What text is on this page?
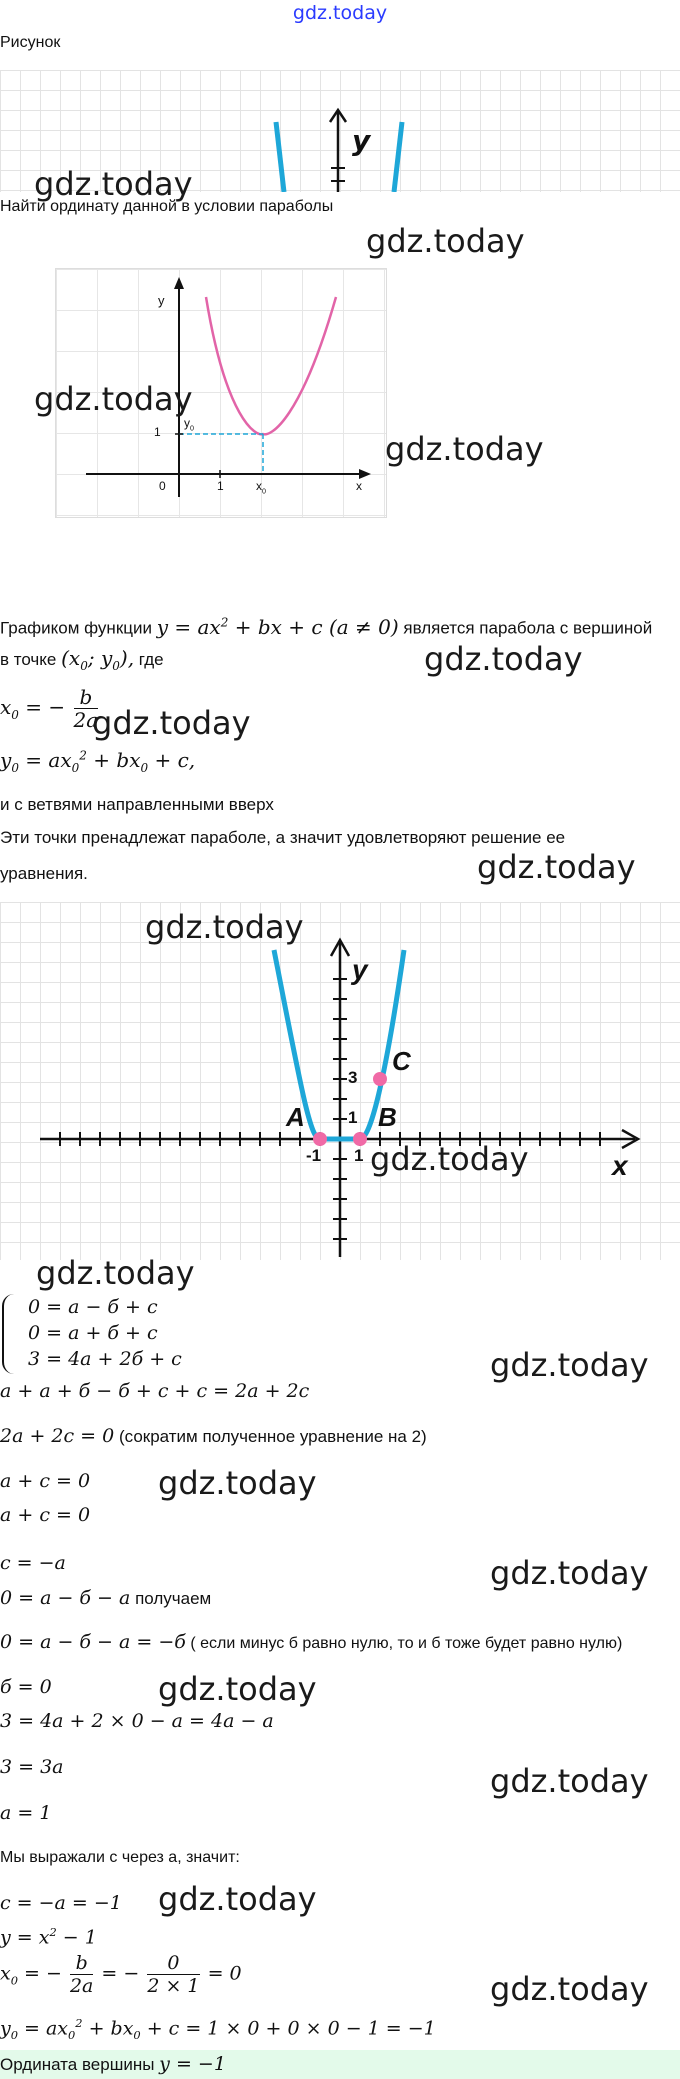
gdz.today
Рисунок
y
gdz.today
Найти ординату данной в условии параболы
gdz.today
y
1
$y_0$
0	1	$x_0$	x
gdz.today
gdz.today
Графиком функции $y = ax^2$ + bx + c (a ≠ 0) является парабола с вершиной
в точке ($x_0$; $y_0$), где	gdz.today
$x_0$ = − $\frac{b}{2a}$
gdz.today
$y_0 = ax_0^2 + bx_0 + c$,
и с ветвями направленными вверх
Эти точки пренадлежат параболе, а значит удовлетворяют решение ее
уравнения.	gdz.today
y
x
A	B
C
3
1
-1 1
gdz.today
gdz.today
gdz.today
0 = a − б + c
0 = a + б + c
3 = 4a + 2б + c	gdz.today
a + a + б − б + c + c = 2a + 2c
2a + 2c = 0 (сократим полученное уравнение на 2)
a + c = 0 gdz.today
a + c = 0
c = −a	gdz.today
0 = a − б − a получаем
0 = a − б − a = −б ( если минус б равно нулю, то и б тоже будет равно нулю)
б = 0	gdz.today
3 = 4a + 2 × 0 − a = 4a − a
3 = 3a	gdz.today
a = 1
Мы выражали с через а, значит:
c = −a = −1 gdz.today
$y = x^2 - 1$
$x_0$ = − $\frac{b}{2a}$ = − $\frac{0}{2 \times 1} = 0$	gdz.today
$y_0 = ax_0^2 + bx_0 + c = 1 \times 0 + 0 \times 0 - 1 = -1$
Ордината вершины y = −1
